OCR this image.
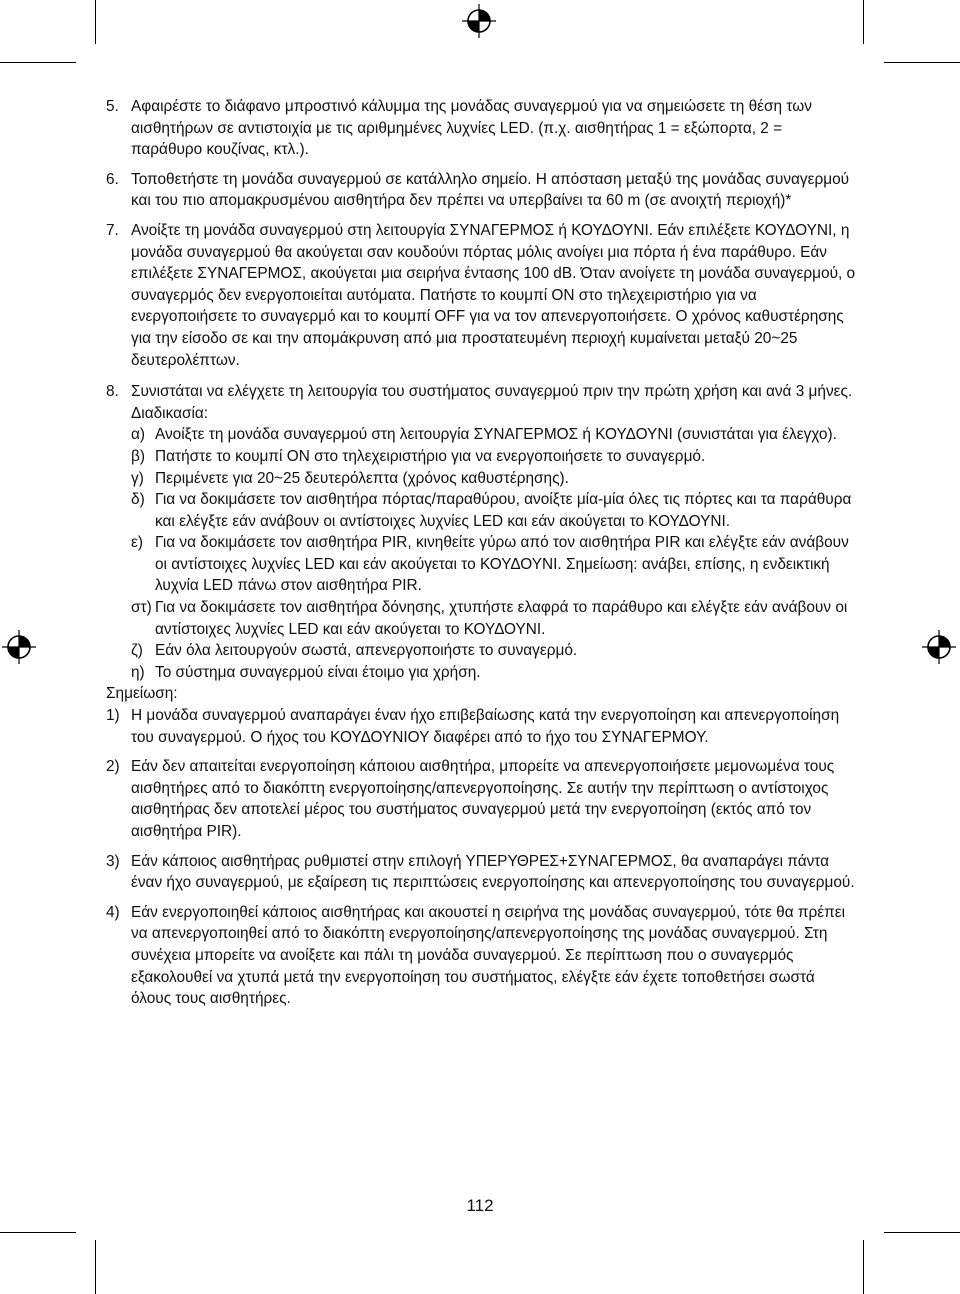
5. Αφαιρέστε το διάφανο μπροστινό κάλυμμα της μονάδας συναγερμού για να σημειώσετε τη θέση των αισθητήρων σε αντιστοιχία με τις αριθμημένες λυχνίες LED. (π.χ. αισθητήρας 1 = εξώπορτα, 2 = παράθυρο κουζίνας, κτλ.).
6. Τοποθετήστε τη μονάδα συναγερμού σε κατάλληλο σημείο. Η απόσταση μεταξύ της μονάδας συναγερμού και του πιο απομακρυσμένου αισθητήρα δεν πρέπει να υπερβαίνει τα 60 m (σε ανοιχτή περιοχή)*
7. Ανοίξτε τη μονάδα συναγερμού στη λειτουργία ΣΥΝΑΓΕΡΜΟΣ ή ΚΟΥΔΟΥΝΙ. Εάν επιλέξετε ΚΟΥΔΟΥΝΙ, η μονάδα συναγερμού θα ακούγεται σαν κουδούνι πόρτας μόλις ανοίγει μια πόρτα ή ένα παράθυρο. Εάν επιλέξετε ΣΥΝΑΓΕΡΜΟΣ, ακούγεται μια σειρήνα έντασης 100 dB. Όταν ανοίγετε τη μονάδα συναγερμού, ο συναγερμός δεν ενεργοποιείται αυτόματα. Πατήστε το κουμπί ON στο τηλεχειριστήριο για να ενεργοποιήσετε το συναγερμό και το κουμπί OFF για να τον απενεργοποιήσετε. Ο χρόνος καθυστέρησης για την είσοδο σε και την απομάκρυνση από μια προστατευμένη περιοχή κυμαίνεται μεταξύ 20~25 δευτερολέπτων.
8. Συνιστάται να ελέγχετε τη λειτουργία του συστήματος συναγερμού πριν την πρώτη χρήση και ανά 3 μήνες.
Διαδικασία:
α) Ανοίξτε τη μονάδα συναγερμού στη λειτουργία ΣΥΝΑΓΕΡΜΟΣ ή ΚΟΥΔΟΥΝΙ (συνιστάται για έλεγχο).
β) Πατήστε το κουμπί ON στο τηλεχειριστήριο για να ενεργοποιήσετε το συναγερμό.
γ) Περιμένετε για 20~25 δευτερόλεπτα (χρόνος καθυστέρησης).
δ) Για να δοκιμάσετε τον αισθητήρα πόρτας/παραθύρου, ανοίξτε μία-μία όλες τις πόρτες και τα παράθυρα και ελέγξτε εάν ανάβουν οι αντίστοιχες λυχνίες LED και εάν ακούγεται το ΚΟΥΔΟΥΝΙ.
ε) Για να δοκιμάσετε τον αισθητήρα PIR, κινηθείτε γύρω από τον αισθητήρα PIR και ελέγξτε εάν ανάβουν οι αντίστοιχες λυχνίες LED και εάν ακούγεται το ΚΟΥΔΟΥΝΙ. Σημείωση: ανάβει, επίσης, η ενδεικτική λυχνία LED πάνω στον αισθητήρα PIR.
στ) Για να δοκιμάσετε τον αισθητήρα δόνησης, χτυπήστε ελαφρά το παράθυρο και ελέγξτε εάν ανάβουν οι αντίστοιχες λυχνίες LED και εάν ακούγεται το ΚΟΥΔΟΥΝΙ.
ζ) Εάν όλα λειτουργούν σωστά, απενεργοποιήστε το συναγερμό.
η) Το σύστημα συναγερμού είναι έτοιμο για χρήση.
Σημείωση:
1) Η μονάδα συναγερμού αναπαράγει έναν ήχο επιβεβαίωσης κατά την ενεργοποίηση και απενεργοποίηση του συναγερμού. Ο ήχος του ΚΟΥΔΟΥΝΙΟΥ διαφέρει από το ήχο του ΣΥΝΑΓΕΡΜΟΥ.
2) Εάν δεν απαιτείται ενεργοποίηση κάποιου αισθητήρα, μπορείτε να απενεργοποιήσετε μεμονωμένα τους αισθητήρες από το διακόπτη ενεργοποίησης/απενεργοποίησης. Σε αυτήν την περίπτωση ο αντίστοιχος αισθητήρας δεν αποτελεί μέρος του συστήματος συναγερμού μετά την ενεργοποίηση (εκτός από τον αισθητήρα PIR).
3) Εάν κάποιος αισθητήρας ρυθμιστεί στην επιλογή ΥΠΕΡΥΘΡΕΣ+ΣΥΝΑΓΕΡΜΟΣ, θα αναπαράγει πάντα έναν ήχο συναγερμού, με εξαίρεση τις περιπτώσεις ενεργοποίησης και απενεργοποίησης του συναγερμού.
4) Εάν ενεργοποιηθεί κάποιος αισθητήρας και ακουστεί η σειρήνα της μονάδας συναγερμού, τότε θα πρέπει να απενεργοποιηθεί από το διακόπτη ενεργοποίησης/απενεργοποίησης της μονάδας συναγερμού. Στη συνέχεια μπορείτε να ανοίξετε και πάλι τη μονάδα συναγερμού. Σε περίπτωση που ο συναγερμός εξακολουθεί να χτυπά μετά την ενεργοποίηση του συστήματος, ελέγξτε εάν έχετε τοποθετήσει σωστά όλους τους αισθητήρες.
112
